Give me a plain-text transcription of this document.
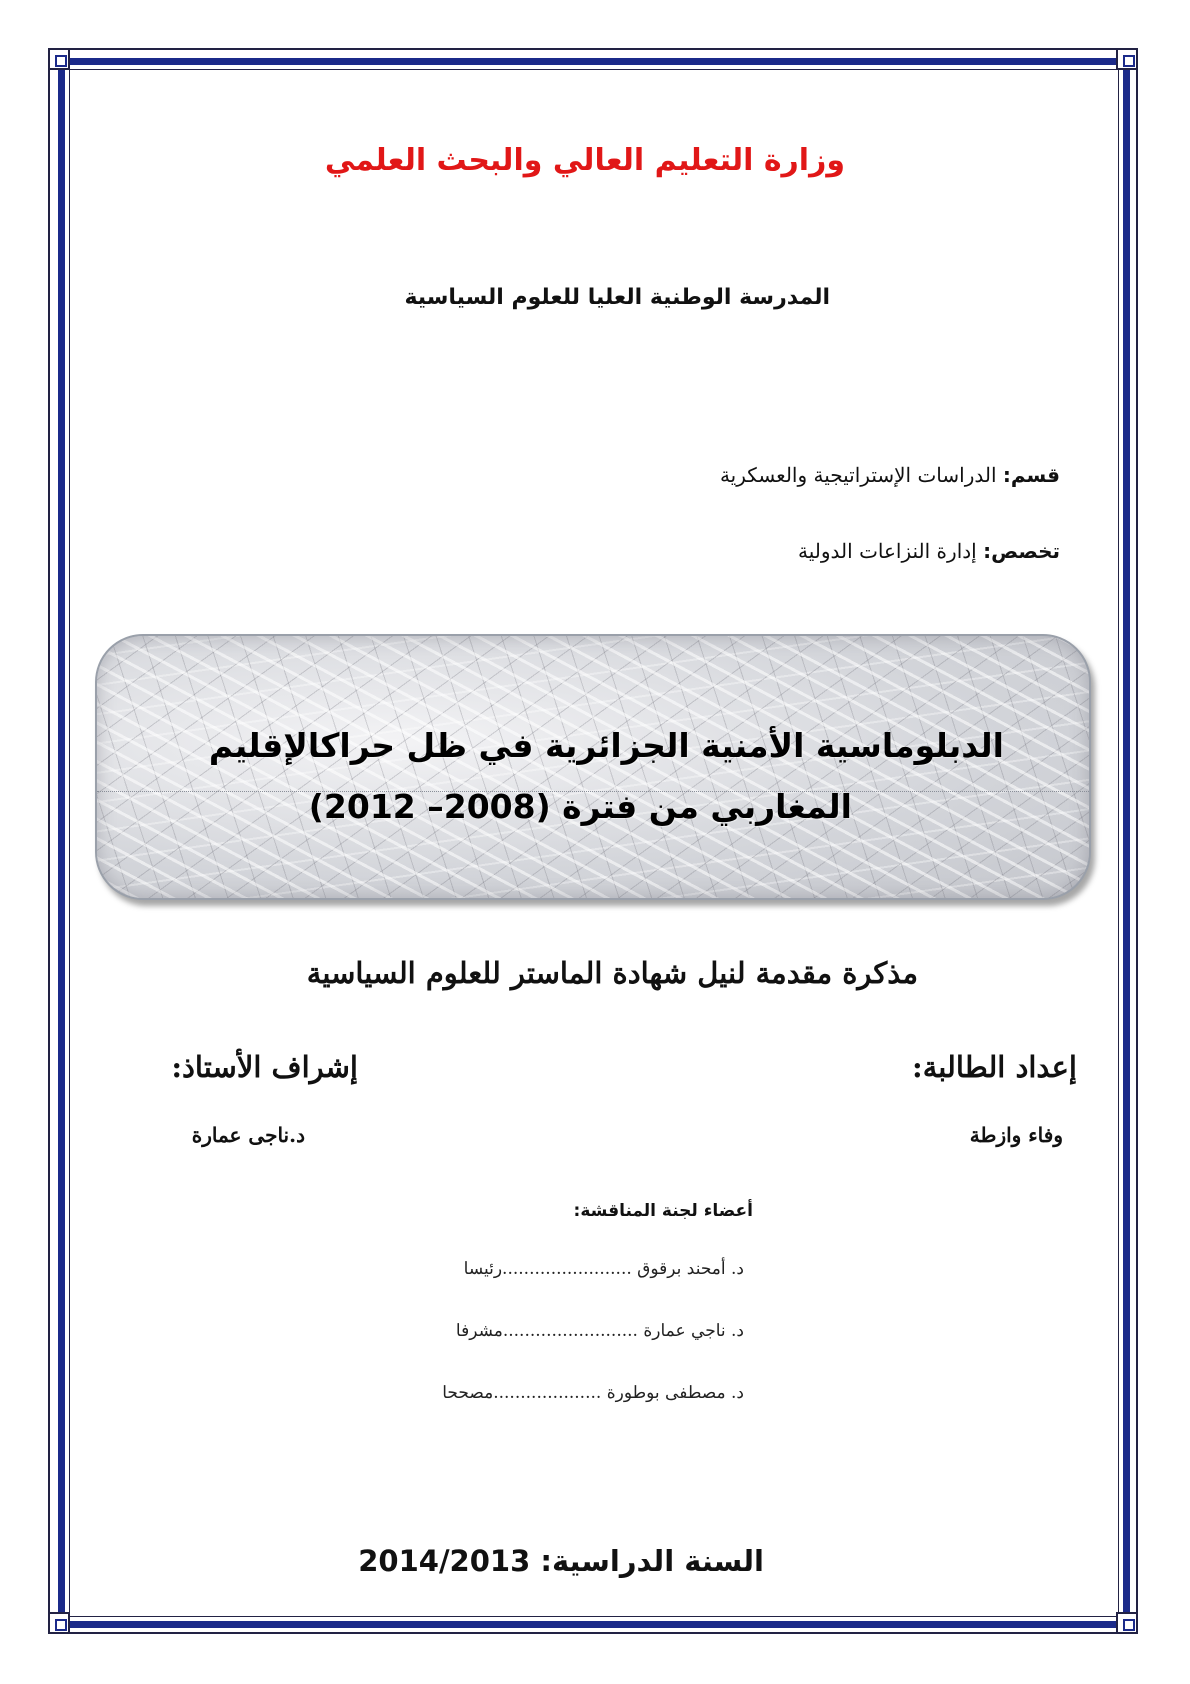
وزارة التعليم العالي والبحث العلمي
المدرسة الوطنية العليا للعلوم السياسية
قسم: الدراسات الإستراتيجية والعسكرية
تخصص: إدارة النزاعات الدولية
الدبلوماسية الأمنية الجزائرية في ظل حراكالإقليم
المغاربي من فترة (2008– 2012)
مذكرة مقدمة لنيل شهادة الماستر للعلوم السياسية
إعداد الطالبة:
إشراف الأستاذ:
وفاء وازطة
د.ناجى عمارة
أعضاء لجنة المناقشة:
د. أمحند برقوق ........................رئيسا
د. ناجي عمارة .........................مشرفا
د. مصطفى بوطورة ....................مصححا
السنة الدراسية: 2014/2013
